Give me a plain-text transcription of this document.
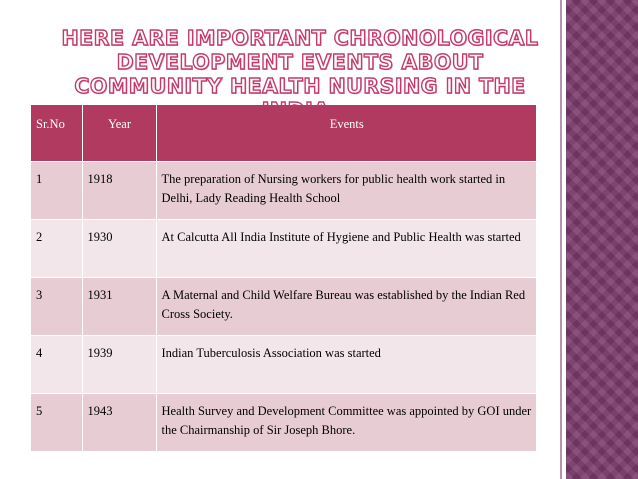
HERE ARE IMPORTANT CHRONOLOGICAL DEVELOPMENT EVENTS ABOUT COMMUNITY HEALTH NURSING IN THE
Sr.No	Year	Events
1	1918	The preparation of Nursing workers for public health work started in Delhi, Lady Reading Health School
2	1930	At Calcutta All India Institute of Hygiene and Public Health was started
3	1931	A Maternal and Child Welfare Bureau was established by the Indian Red Cross Society.
4	1939	Indian Tuberculosis Association was started
5	1943	Health Survey and Development Committee was appointed by GOI under the Chairmanship of Sir Joseph Bhore.
